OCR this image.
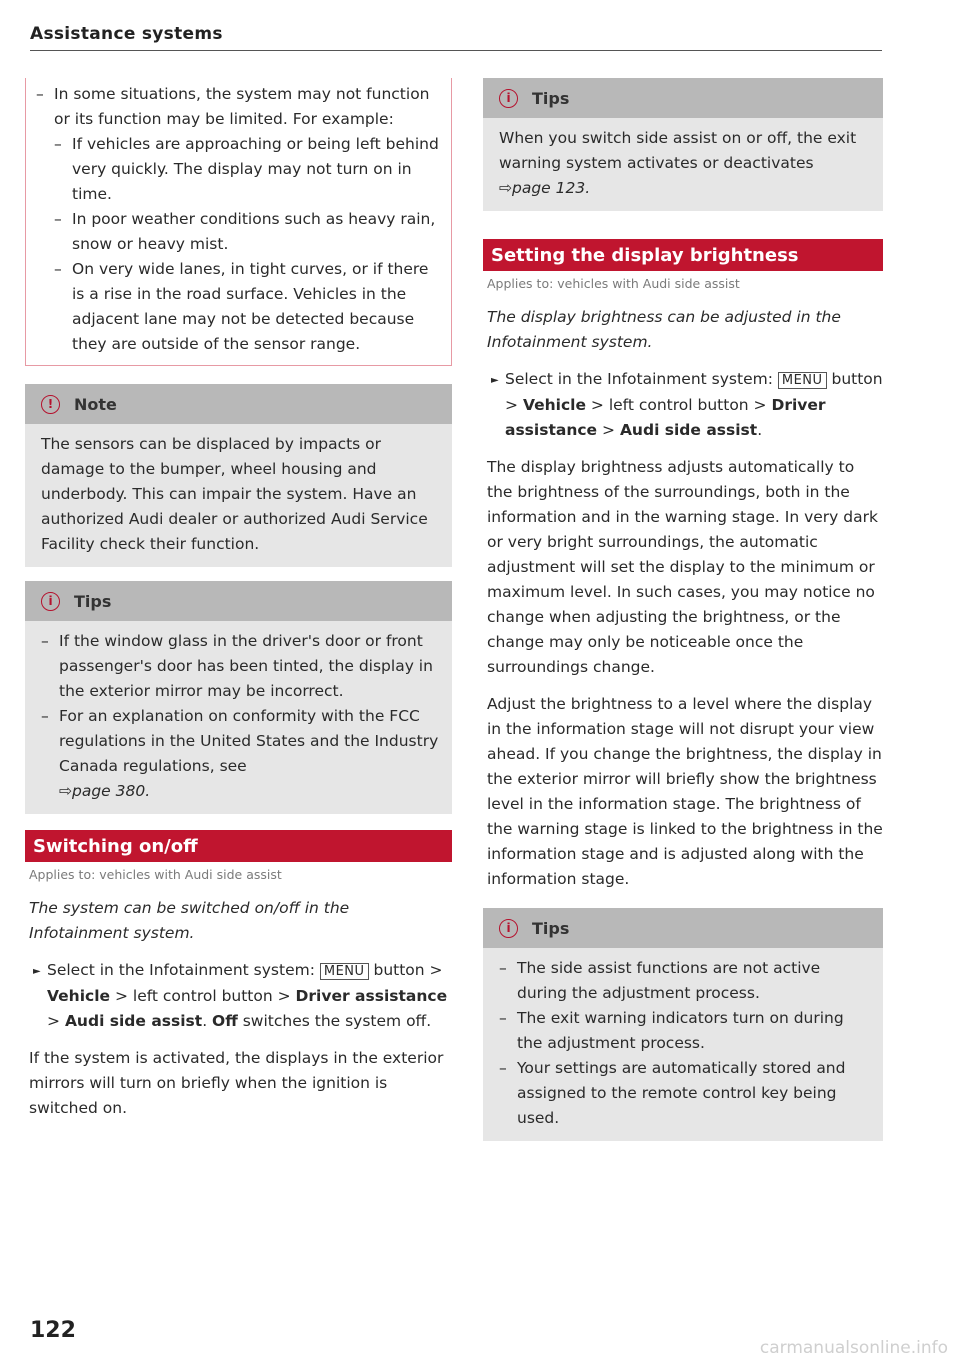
Assistance systems
– In some situations, the system may not function or its function may be limited. For example:
– If vehicles are approaching or being left behind very quickly. The display may not turn on in time.
– In poor weather conditions such as heavy rain, snow or heavy mist.
– On very wide lanes, in tight curves, or if there is a rise in the road surface. Vehicles in the adjacent lane may not be detected because they are outside of the sensor range.
!	Note

The sensors can be displaced by impacts or damage to the bumper, wheel housing and underbody. This can impair the system. Have an authorized Audi dealer or authorized Audi Service Facility check their function.

i	Tips
– If the window glass in the driver's door or front passenger's door has been tinted, the display in the exterior mirror may be incorrect.
– For an explanation on conformity with the FCC regulations in the United States and the Industry Canada regulations, see
⇨page 380.
Switching on/off
Applies to: vehicles with Audi side assist

The system can be switched on/off in the Infotainment system.

► Select in the Infotainment system: MENU button > Vehicle > left control button > Driver assistance > Audi side assist. Off switches the system off.

If the system is activated, the displays in the exterior mirrors will turn on briefly when the ignition is switched on.

i	Tips

When you switch side assist on or off, the exit warning system activates or deactivates
⇨page 123.

Setting the display brightness
Applies to: vehicles with Audi side assist

The display brightness can be adjusted in the Infotainment system.

► Select in the Infotainment system: MENU button > Vehicle > left control button > Driver assistance > Audi side assist.

The display brightness adjusts automatically to the brightness of the surroundings, both in the information and in the warning stage. In very dark or very bright surroundings, the automatic adjustment will set the display to the minimum or maximum level. In such cases, you may notice no change when adjusting the brightness, or the change may only be noticeable once the surroundings change.

Adjust the brightness to a level where the display in the information stage will not disrupt your view ahead. If you change the brightness, the display in the exterior mirror will briefly show the brightness level in the information stage. The brightness of the warning stage is linked to the brightness in the information stage and is adjusted along with the information stage.

i	Tips
– The side assist functions are not active during the adjustment process.
– The exit warning indicators turn on during the adjustment process.
– Your settings are automatically stored and assigned to the remote control key being used.
122
carmanualsonline.info
